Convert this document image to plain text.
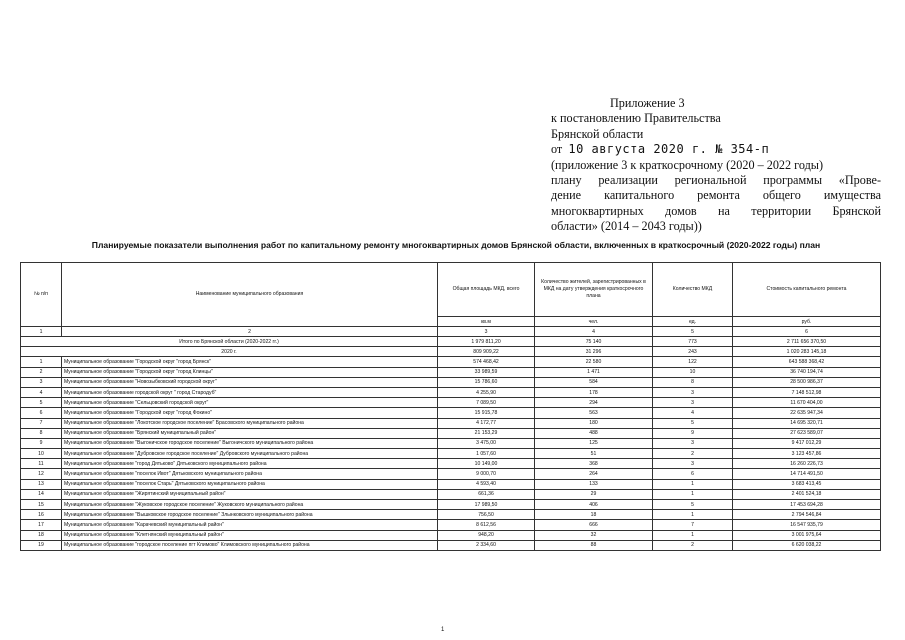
Приложение 3
к постановлению Правительства
Брянской области
от 10 августа 2020 г. № 354-п
(приложение 3 к краткосрочному (2020 – 2022 годы)
плану реализации региональной программы «Прове-
дение капитального ремонта общего имущества
многоквартирных домов на территории Брянской
области» (2014 – 2043 годы))
Планируемые показатели выполнения работ по капитальному ремонту многоквартирных домов Брянской области, включенных в краткосрочный (2020-2022 годы) план
№ п/п	Наименование муниципального образования	Общая площадь МКД, всего	Количество жителей, зарегистрированных в МКД на дату утверждения краткосрочного плана	Количество МКД	Стоимость капитального ремонта
		кв.м	чел.	ед.	руб.
1	2	3	4	5	6
Итого по Брянской области (2020-2022 гг.)		1 979 811,20	75 140	773	2 711 656 370,50
2020 г.		809 909,22	31 296	243	1 020 283 145,18
1	Муниципальное образование "Городской округ "город Брянск"	574 468,42	22 580	122	643 588 368,42
2	Муниципальное образование "Городской округ "город Клинцы"	33 989,59	1 471	10	36 740 194,74
3	Муниципальное образование "Новозыбковский городской округ"	15 786,60	584	8	28 500 986,37
4	Муниципальное образование городской округ " город Стародуб"	4 255,90	178	3	7 148 512,98
5	Муниципальное образование "Сельцовский городской округ"	7 089,50	294	3	11 670 404,00
6	Муниципальное образование "Городской округ "город Фокино"	15 915,78	563	4	22 635 947,34
7	Муниципальное образование "Локотское городское поселение" Брасовского муниципального района	4 172,77	180	5	14 695 320,71
8	Муниципальное образование "Брянский муниципальный район"	21 153,29	488	9	27 623 589,07
9	Муниципальное образование "Выгоничское городское поселение" Выгоничского муниципального района	3 475,00	125	3	9 417 012,29
10	Муниципальное образование "Дубровское городское поселение" Дубровского муниципального района	1 057,60	51	2	3 123 457,86
11	Муниципальное образование "город Дятьково" Дятьковского муниципального района	10 149,00	368	3	16 260 226,73
12	Муниципальное образование "поселок Ивот" Дятьковского муниципального района	9 000,70	264	6	14 714 491,50
13	Муниципальное образование "поселок Старь" Дятьковского муниципального района	4 593,40	133	1	3 683 413,45
14	Муниципальное образование "Жирятинский муниципальный район"	661,36	29	1	2 401 524,18
15	Муниципальное образование "Жуковское городское поселение" Жуковского муниципального района	17 989,50	406	5	17 453 694,28
16	Муниципальное образование "Вышковское городское поселение" Злынковского муниципального района	756,50	18	1	2 794 546,84
17	Муниципальное образование "Карачевский муниципальный район"	8 612,56	666	7	16 547 935,79
18	Муниципальное образование "Клетнянский муниципальный район"	948,20	32	1	3 001 975,64
19	Муниципальное образование "городское поселение пгт Климово" Климовского муниципального района	2 334,60	88	2	6 620 038,22
1
